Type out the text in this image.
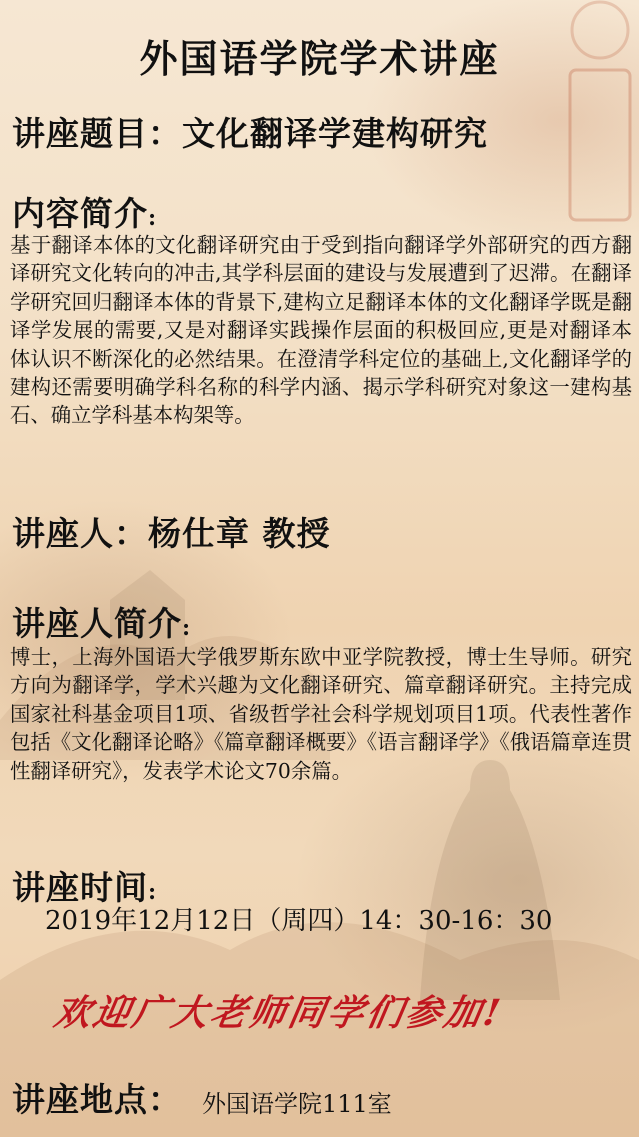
外国语学院学术讲座
讲座题目：文化翻译学建构研究
内容简介:
基于翻译本体的文化翻译研究由于受到指向翻译学外部研究的西方翻译研究文化转向的冲击,其学科层面的建设与发展遭到了迟滞。在翻译学研究回归翻译本体的背景下,建构立足翻译本体的文化翻译学既是翻译学发展的需要,又是对翻译实践操作层面的积极回应,更是对翻译本体认识不断深化的必然结果。在澄清学科定位的基础上,文化翻译学的建构还需要明确学科名称的科学内涵、揭示学科研究对象这一建构基石、确立学科基本构架等。
讲座人：杨仕章 教授
讲座人简介:
博士，上海外国语大学俄罗斯东欧中亚学院教授，博士生导师。研究方向为翻译学，学术兴趣为文化翻译研究、篇章翻译研究。主持完成国家社科基金项目1项、省级哲学社会科学规划项目1项。代表性著作包括《文化翻译论略》《篇章翻译概要》《语言翻译学》《俄语篇章连贯性翻译研究》，发表学术论文70余篇。
讲座时间:
2019年12月12日（周四）14：30-16：30
欢迎广大老师同学们参加!
讲座地点： 外国语学院111室
